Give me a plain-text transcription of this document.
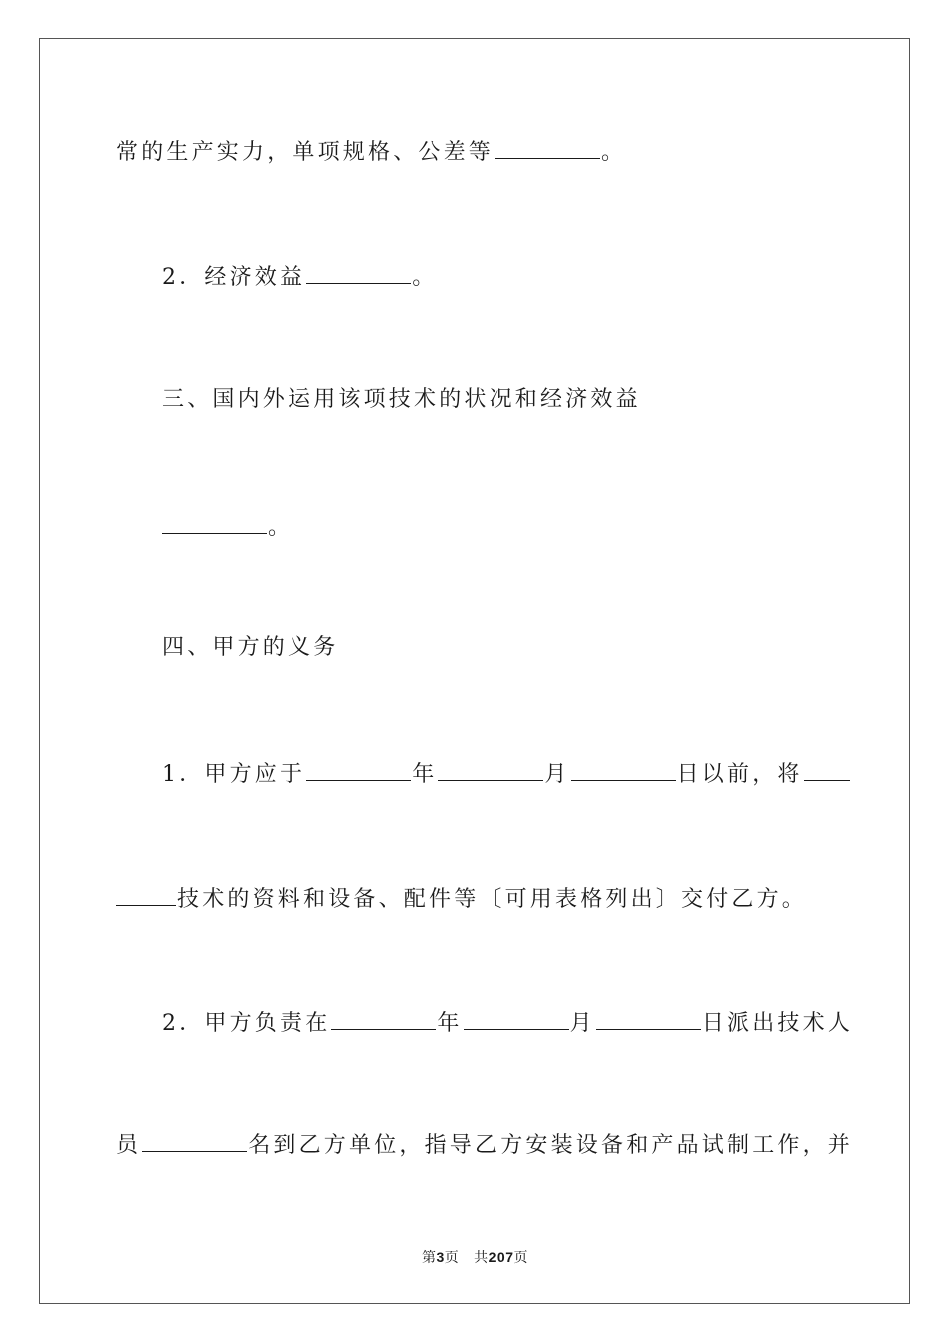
常的生产实力，单项规格、公差等	。
2．经济效益	。
三、国内外运用该项技术的状况和经济效益
。
四、甲方的义务
1．甲方应于	年	月	日以前，将
技术的资料和设备、配件等〔可用表格列出〕交付乙方。
2．甲方负责在	年	月	日派出技术人
员	名到乙方单位，指导乙方安装设备和产品试制工作，并
第3页 共207页
